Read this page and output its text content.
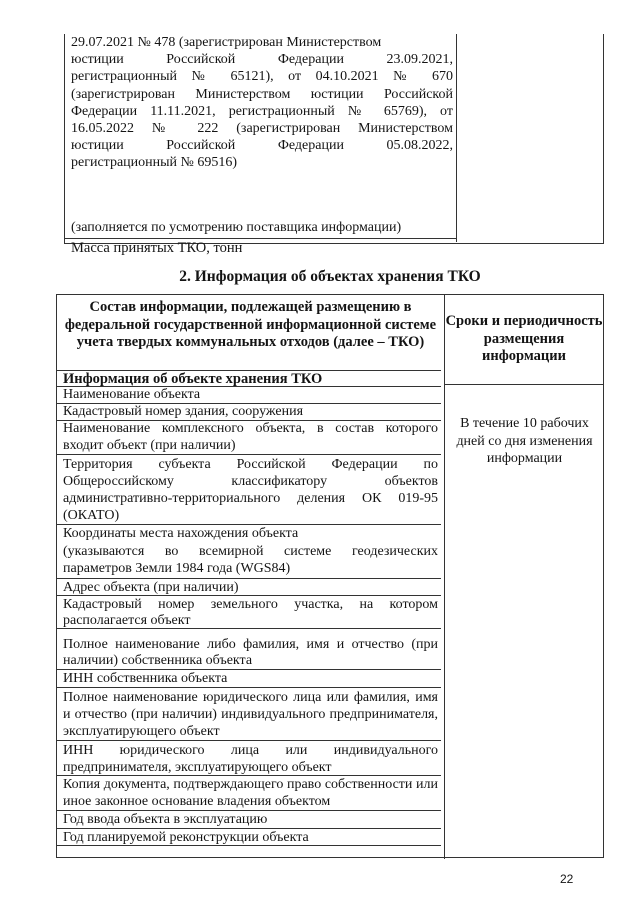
29.07.2021 № 478 (зарегистрирован Министерством
юстиции Российской Федерации 23.09.2021,
регистрационный № 65121), от 04.10.2021 № 670
(зарегистрирован Министерством юстиции Российской
Федерации 11.11.2021, регистрационный № 65769), от
16.05.2022 № 222 (зарегистрирован Министерством
юстиции Российской Федерации 05.08.2022,
регистрационный № 69516)
(заполняется по усмотрению поставщика информации)
Масса принятых ТКО, тонн
2. Информация об объектах хранения ТКО
Состав информации, подлежащей размещению в федеральной государственной информационной системе учета твердых коммунальных отходов (далее – ТКО)
Сроки и периодичность размещения информации
В течение 10 рабочих дней со дня изменения информации
Информация об объекте хранения ТКО
Наименование объекта
Кадастровый номер здания, сооружения
Наименование комплексного объекта, в состав которого входит объект (при наличии)
Территория субъекта Российской Федерации по Общероссийскому классификатору объектов административно-территориального деления ОК 019-95 (ОКАТО)
Координаты места нахождения объекта
(указываются во всемирной системе геодезических параметров Земли 1984 года (WGS84)
Адрес объекта (при наличии)
Кадастровый номер земельного участка, на котором располагается объект
Полное наименование либо фамилия, имя и отчество (при наличии) собственника объекта
ИНН собственника объекта
Полное наименование юридического лица или фамилия, имя и отчество (при наличии) индивидуального предпринимателя, эксплуатирующего объект
ИНН юридического лица или индивидуального предпринимателя, эксплуатирующего объект
Копия документа, подтверждающего право собственности или иное законное основание владения объектом
Год ввода объекта в эксплуатацию
Год планируемой реконструкции объекта
22
